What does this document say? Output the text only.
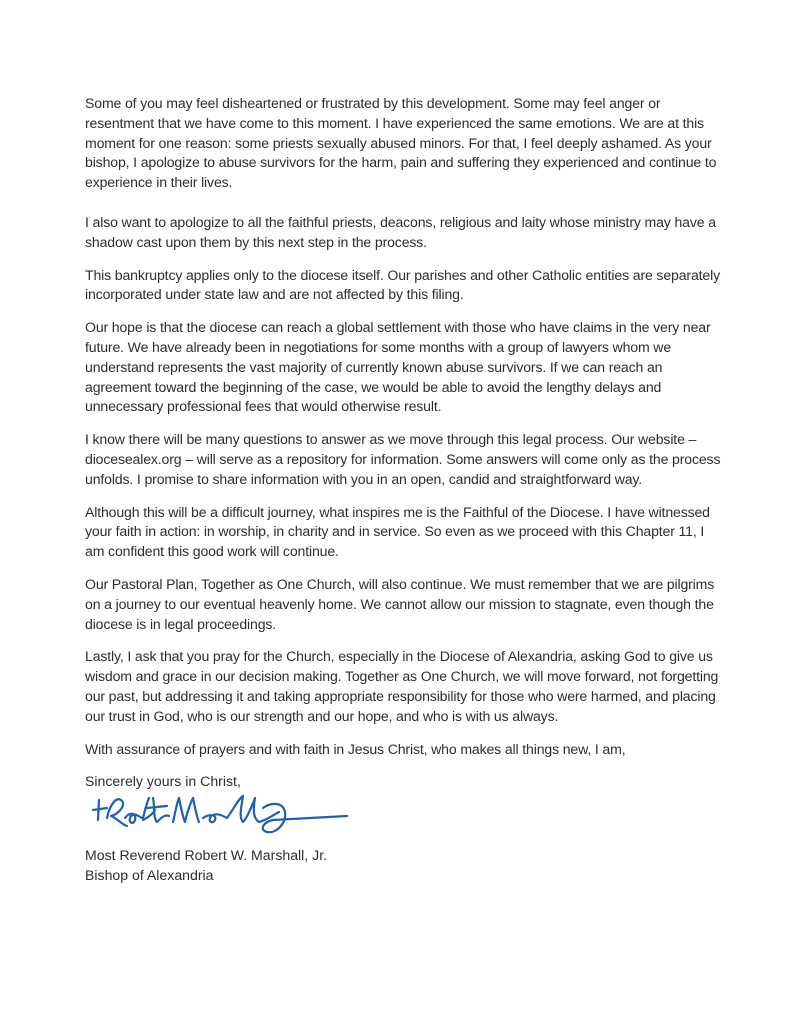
Some of you may feel disheartened or frustrated by this development. Some may feel anger or resentment that we have come to this moment. I have experienced the same emotions. We are at this moment for one reason: some priests sexually abused minors. For that, I feel deeply ashamed. As your bishop, I apologize to abuse survivors for the harm, pain and suffering they experienced and continue to experience in their lives.

I also want to apologize to all the faithful priests, deacons, religious and laity whose ministry may have a shadow cast upon them by this next step in the process.

This bankruptcy applies only to the diocese itself. Our parishes and other Catholic entities are separately incorporated under state law and are not affected by this filing.

Our hope is that the diocese can reach a global settlement with those who have claims in the very near future. We have already been in negotiations for some months with a group of lawyers whom we understand represents the vast majority of currently known abuse survivors. If we can reach an agreement toward the beginning of the case, we would be able to avoid the lengthy delays and unnecessary professional fees that would otherwise result.

I know there will be many questions to answer as we move through this legal process. Our website – diocesealex.org – will serve as a repository for information. Some answers will come only as the process unfolds. I promise to share information with you in an open, candid and straightforward way.

Although this will be a difficult journey, what inspires me is the Faithful of the Diocese. I have witnessed your faith in action: in worship, in charity and in service. So even as we proceed with this Chapter 11, I am confident this good work will continue.

Our Pastoral Plan, Together as One Church, will also continue. We must remember that we are pilgrims on a journey to our eventual heavenly home. We cannot allow our mission to stagnate, even though the diocese is in legal proceedings.

Lastly, I ask that you pray for the Church, especially in the Diocese of Alexandria, asking God to give us wisdom and grace in our decision making. Together as One Church, we will move forward, not forgetting our past, but addressing it and taking appropriate responsibility for those who were harmed, and placing our trust in God, who is our strength and our hope, and who is with us always.

With assurance of prayers and with faith in Jesus Christ, who makes all things new, I am,

Sincerely yours in Christ,

Most Reverend Robert W. Marshall, Jr.

Bishop of Alexandria
